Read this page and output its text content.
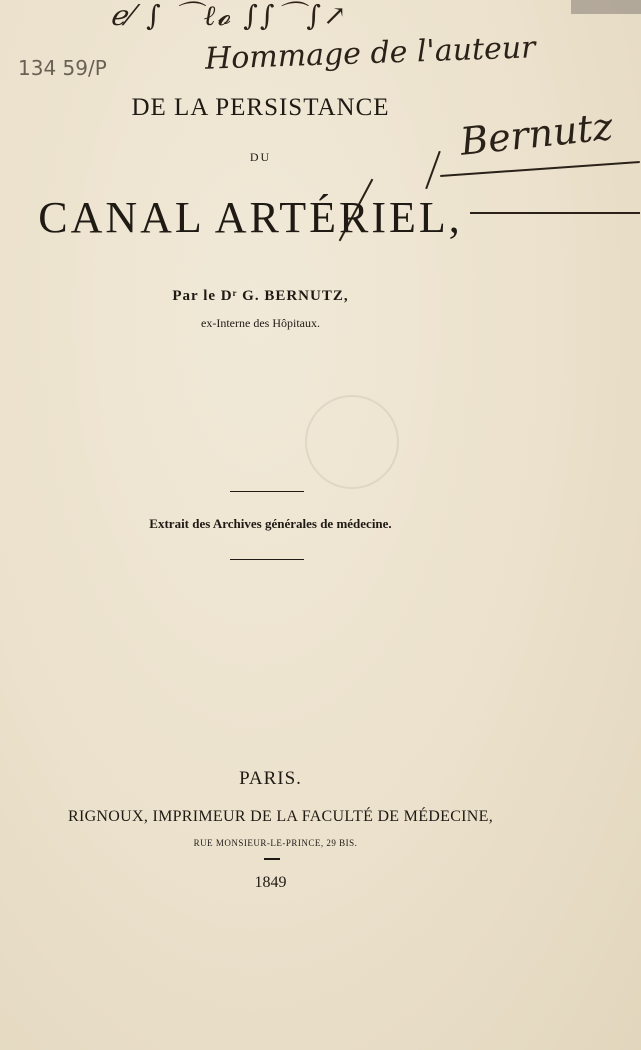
ℯ⁄ ∫ ⌒ℓ𝓸 ∫∫⌒∫↗
134 59/P	Hommage de l'auteur
Bernutz

DE LA PERSISTANCE

DU

CANAL ARTÉRIEL,

Par le Dʳ G. BERNUTZ,

ex-Interne des Hôpitaux.

Extrait des Archives générales de médecine.

PARIS.

RIGNOUX, IMPRIMEUR DE LA FACULTÉ DE MÉDECINE,

RUE MONSIEUR-LE-PRINCE, 29 BIS.

1849
